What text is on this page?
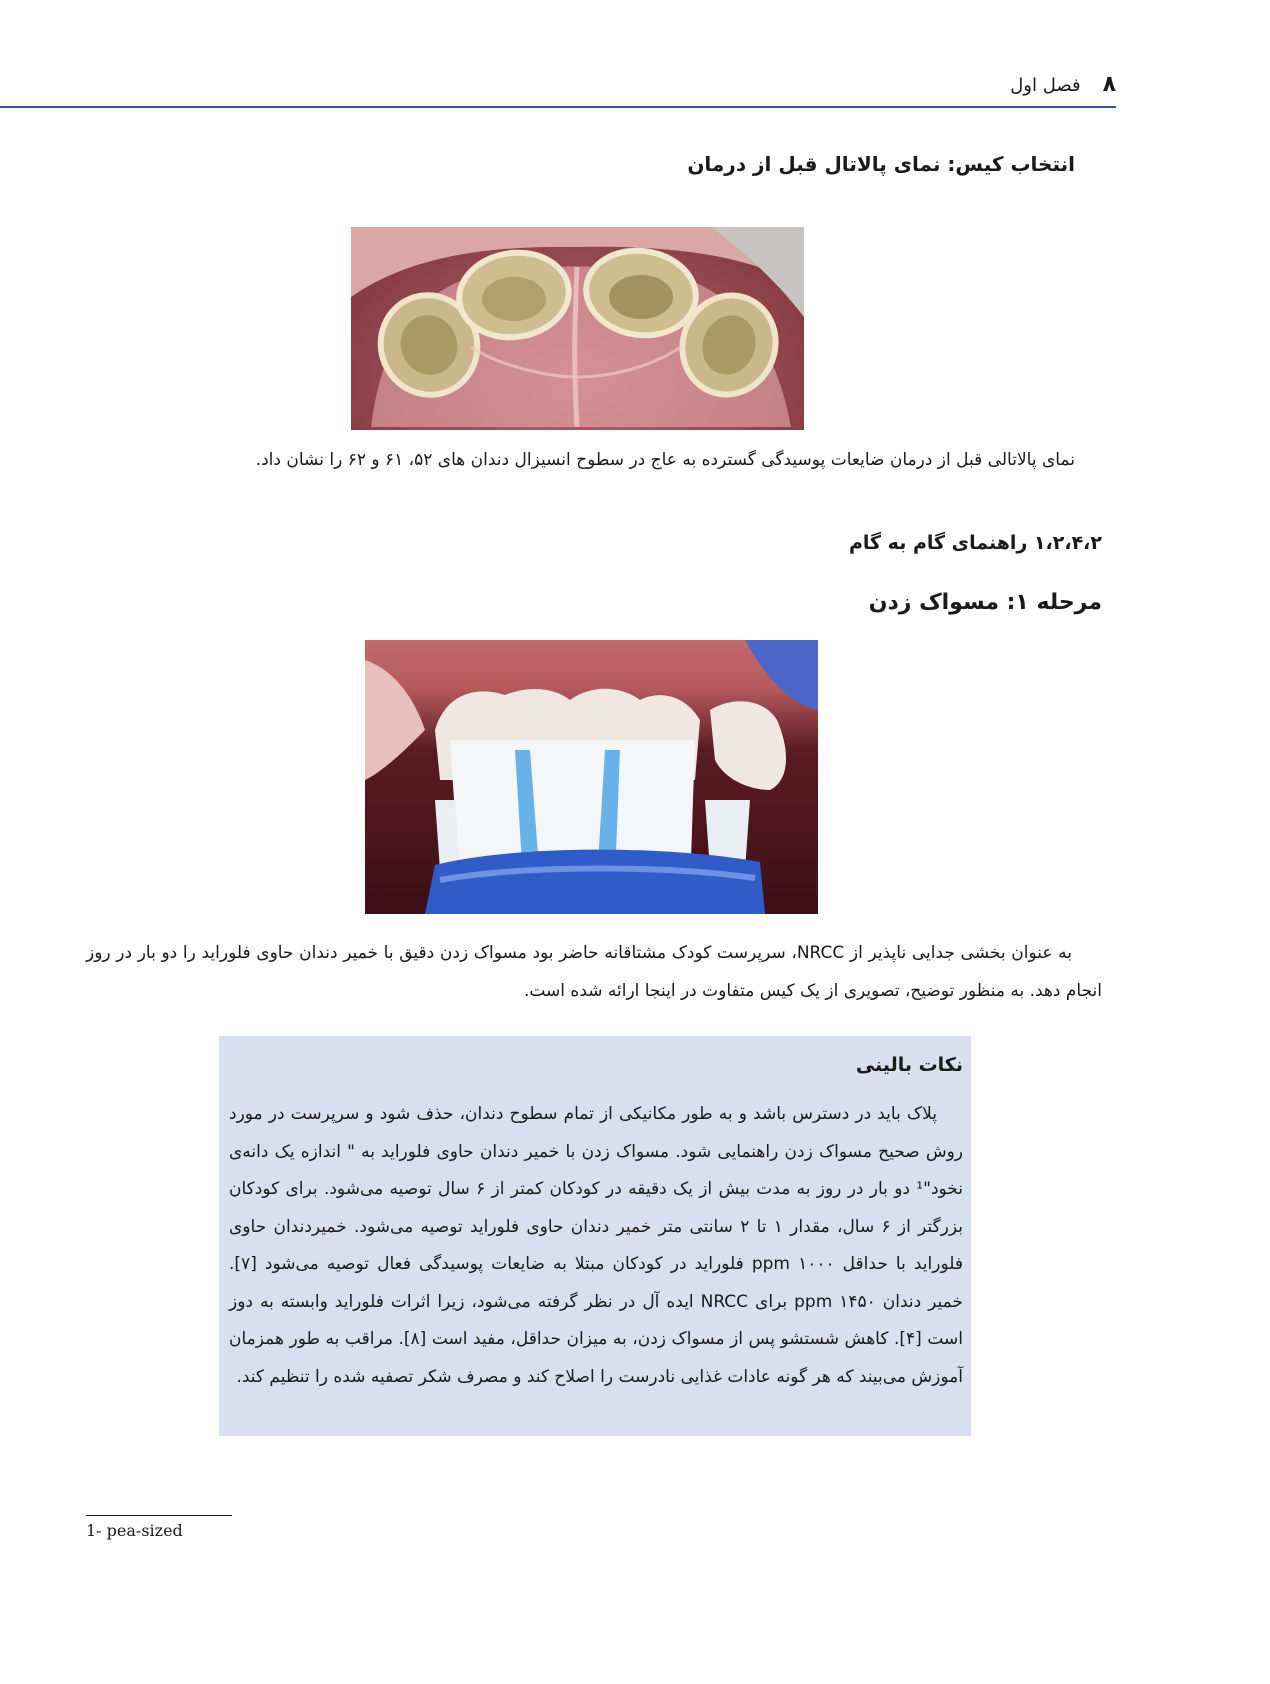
۸
فصل اول
انتخاب کیس: نمای پالاتال قبل از درمان
نمای پالاتالی قبل از درمان ضایعات پوسیدگی گسترده به عاج در سطوح انسیزال دندان های ۵۲، ۶۱ و ۶۲ را نشان داد.
۱،۲،۴،۲ راهنمای گام به گام
مرحله ۱: مسواک زدن
به عنوان بخشی جدایی ناپذیر از NRCC، سرپرست کودک مشتاقانه حاضر بود مسواک زدن دقیق با خمیر دندان حاوی فلوراید را دو بار در روز انجام دهد. به منظور توضیح، تصویری از یک کیس متفاوت در اینجا ارائه شده است.
نکات بالینی
پلاک باید در دسترس باشد و به طور مکانیکی از تمام سطوح دندان، حذف شود و سرپرست در مورد روش صحیح مسواک زدن راهنمایی شود. مسواک زدن با خمیر دندان حاوی فلوراید به " اندازه یک دانه‌ی نخود"¹ دو بار در روز به مدت بیش از یک دقیقه در کودکان کمتر از ۶ سال توصیه می‌شود. برای کودکان بزرگتر از ۶ سال، مقدار ۱ تا ۲ سانتی متر خمیر دندان حاوی فلوراید توصیه می‌شود. خمیردندان حاوی فلوراید با حداقل ۱۰۰۰ ppm فلوراید در کودکان مبتلا به ضایعات پوسیدگی فعال توصیه می‌شود [۷]. خمیر دندان ۱۴۵۰ ppm برای NRCC ایده آل در نظر گرفته می‌شود، زیرا اثرات فلوراید وابسته به دوز است [۴]. کاهش شستشو پس از مسواک زدن، به میزان حداقل، مفید است [۸]. مراقب به طور همزمان آموزش می‌بیند که هر گونه عادات غذایی نادرست را اصلاح کند و مصرف شکر تصفیه شده را تنظیم کند.
1- pea-sized
